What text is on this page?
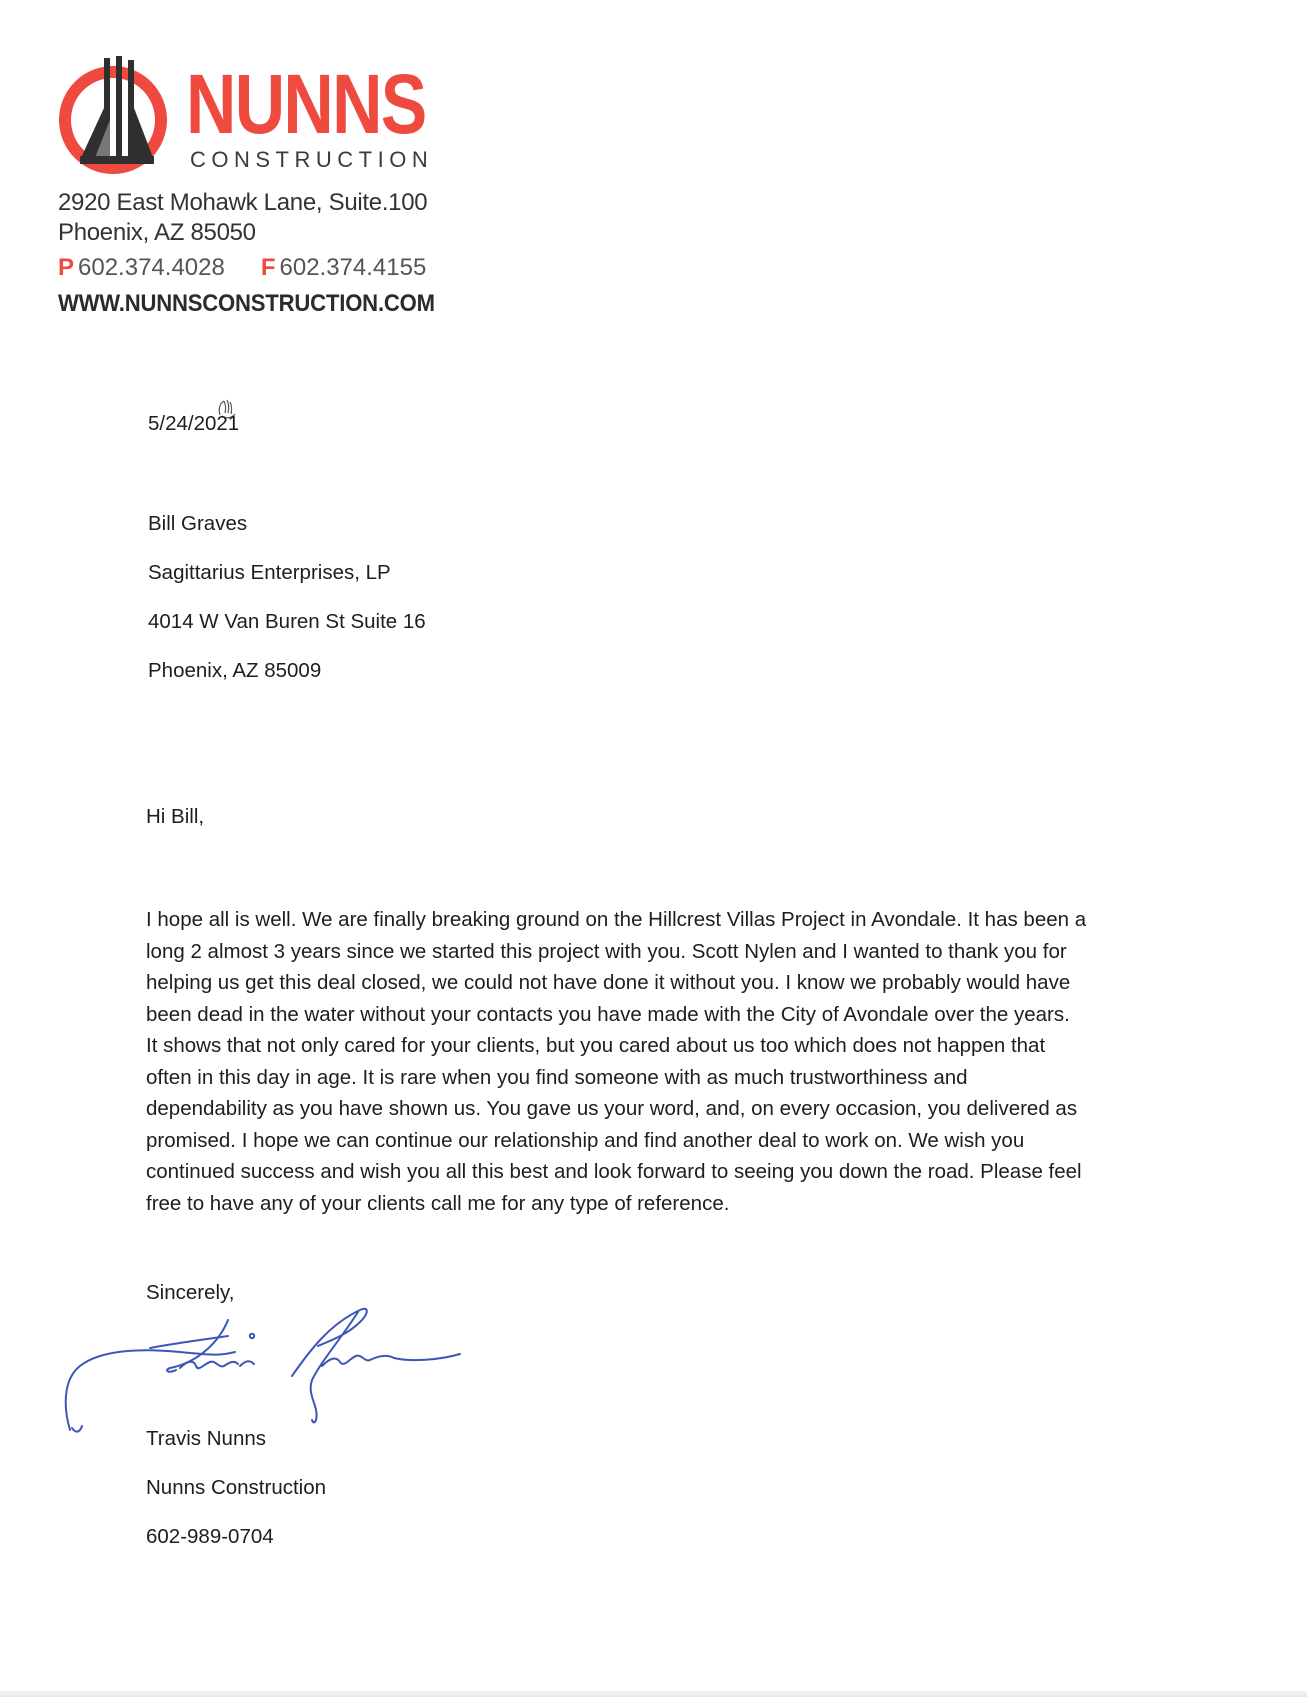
NUNNS
CONSTRUCTION
2920 East Mohawk Lane, Suite.100
Phoenix, AZ 85050
P 602.374.4028 F 602.374.4155
WWW.NUNNSCONSTRUCTION.COM
5/24/2021
Bill Graves
Sagittarius Enterprises, LP
4014 W Van Buren St Suite 16
Phoenix, AZ 85009
Hi Bill,
I hope all is well. We are finally breaking ground on the Hillcrest Villas Project in Avondale. It has been a
long 2 almost 3 years since we started this project with you. Scott Nylen and I wanted to thank you for
helping us get this deal closed, we could not have done it without you. I know we probably would have
been dead in the water without your contacts you have made with the City of Avondale over the years.
It shows that not only cared for your clients, but you cared about us too which does not happen that
often in this day in age. It is rare when you find someone with as much trustworthiness and
dependability as you have shown us. You gave us your word, and, on every occasion, you delivered as
promised. I hope we can continue our relationship and find another deal to work on. We wish you
continued success and wish you all this best and look forward to seeing you down the road. Please feel
free to have any of your clients call me for any type of reference.
Sincerely,
Travis Nunns
Nunns Construction
602-989-0704
